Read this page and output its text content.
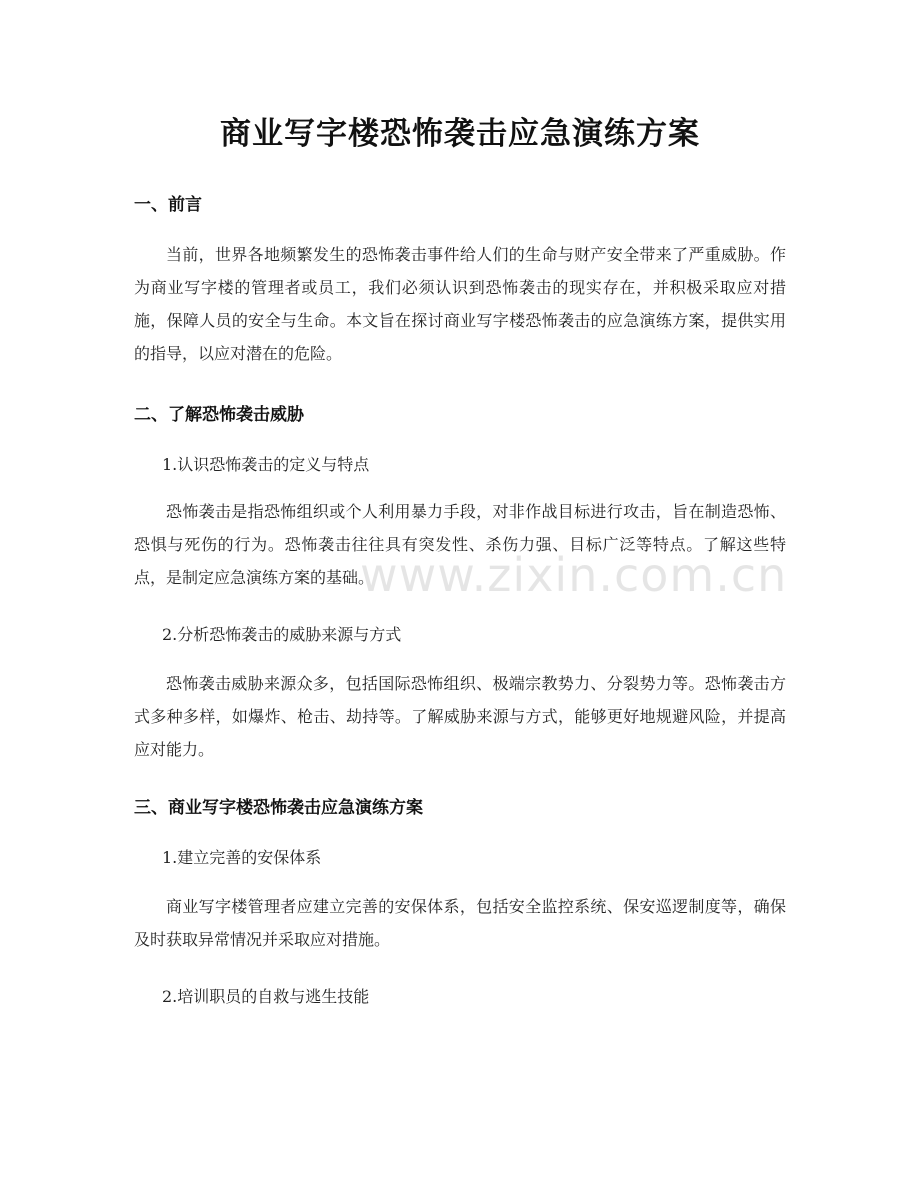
商业写字楼恐怖袭击应急演练方案
一、前言
当前，世界各地频繁发生的恐怖袭击事件给人们的生命与财产安全带来了严重威胁。作为商业写字楼的管理者或员工，我们必须认识到恐怖袭击的现实存在，并积极采取应对措施，保障人员的安全与生命。本文旨在探讨商业写字楼恐怖袭击的应急演练方案，提供实用的指导，以应对潜在的危险。
二、了解恐怖袭击威胁
1.认识恐怖袭击的定义与特点
恐怖袭击是指恐怖组织或个人利用暴力手段，对非作战目标进行攻击，旨在制造恐怖、恐惧与死伤的行为。恐怖袭击往往具有突发性、杀伤力强、目标广泛等特点。了解这些特点，是制定应急演练方案的基础。
2.分析恐怖袭击的威胁来源与方式
恐怖袭击威胁来源众多，包括国际恐怖组织、极端宗教势力、分裂势力等。恐怖袭击方式多种多样，如爆炸、枪击、劫持等。了解威胁来源与方式，能够更好地规避风险，并提高应对能力。
三、商业写字楼恐怖袭击应急演练方案
1.建立完善的安保体系
商业写字楼管理者应建立完善的安保体系，包括安全监控系统、保安巡逻制度等，确保及时获取异常情况并采取应对措施。
2.培训职员的自救与逃生技能
www.zixin.com.cn
